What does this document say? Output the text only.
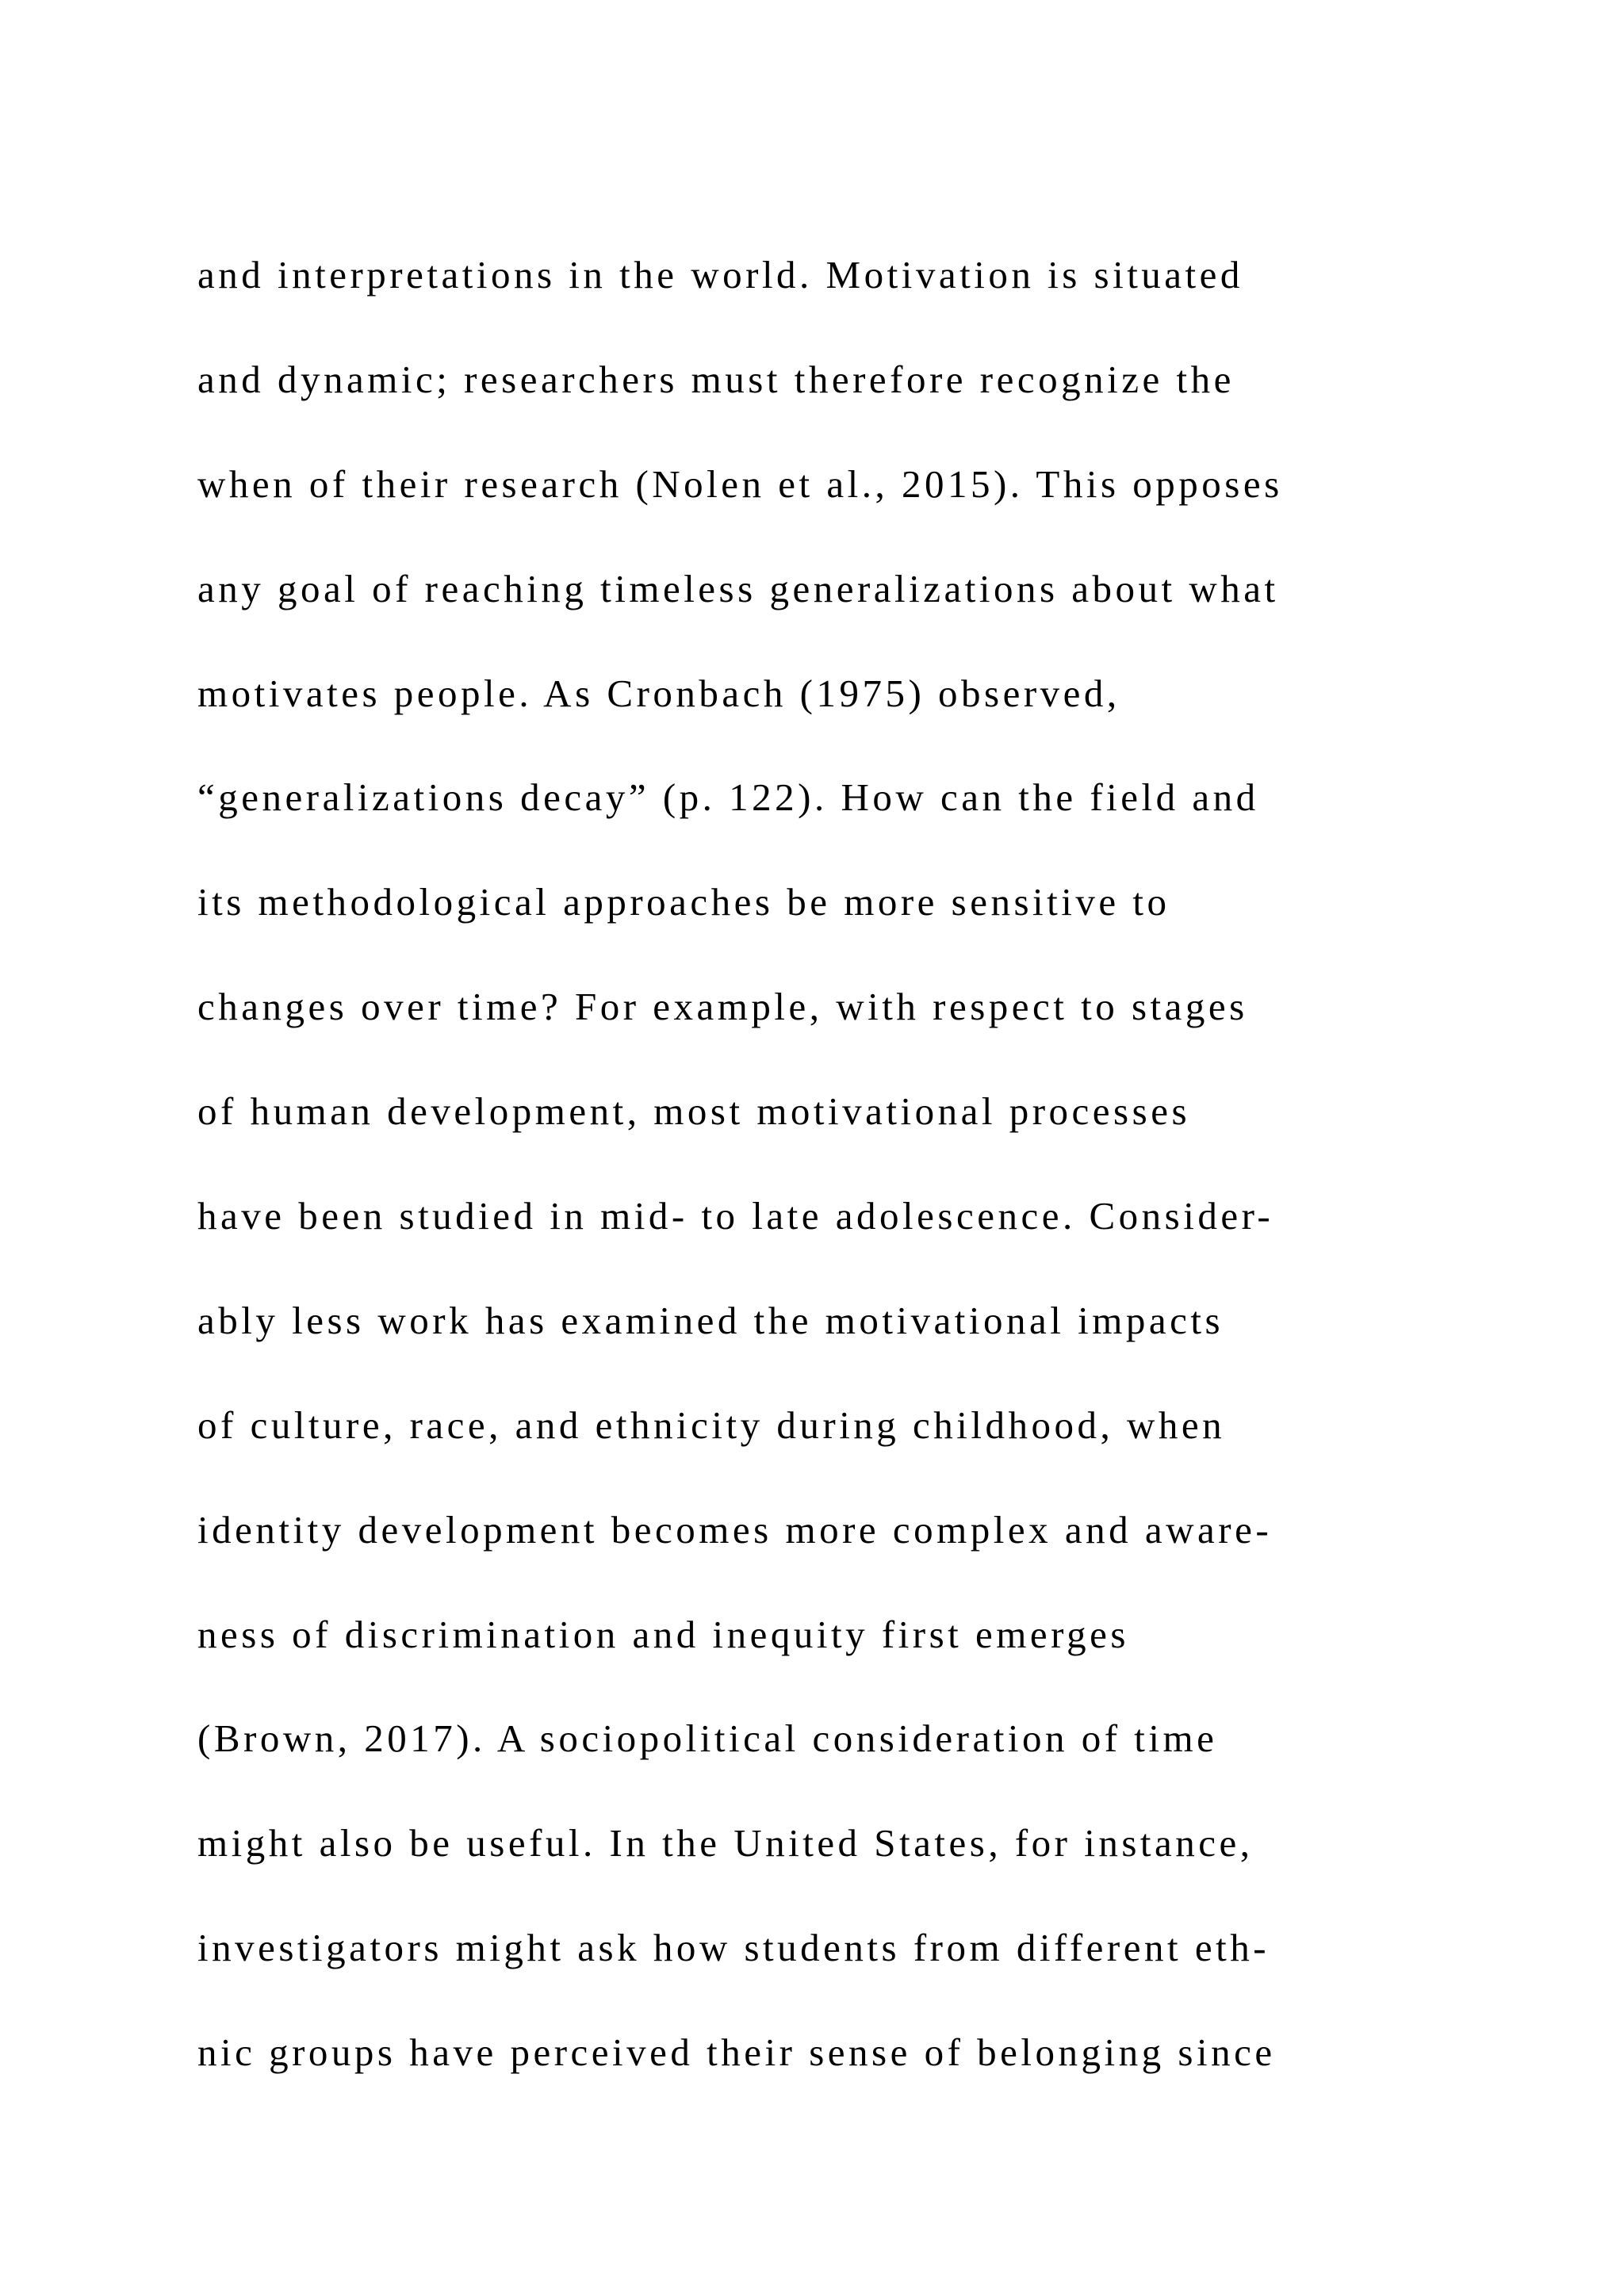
and interpretations in the world. Motivation is situated
and dynamic; researchers must therefore recognize the
when of their research (Nolen et al., 2015). This opposes
any goal of reaching timeless generalizations about what
motivates people. As Cronbach (1975) observed,
“generalizations decay” (p. 122). How can the field and
its methodological approaches be more sensitive to
changes over time? For example, with respect to stages
of human development, most motivational processes
have been studied in mid- to late adolescence. Consider-
ably less work has examined the motivational impacts
of culture, race, and ethnicity during childhood, when
identity development becomes more complex and aware-
ness of discrimination and inequity first emerges
(Brown, 2017). A sociopolitical consideration of time
might also be useful. In the United States, for instance,
investigators might ask how students from different eth-
nic groups have perceived their sense of belonging since
